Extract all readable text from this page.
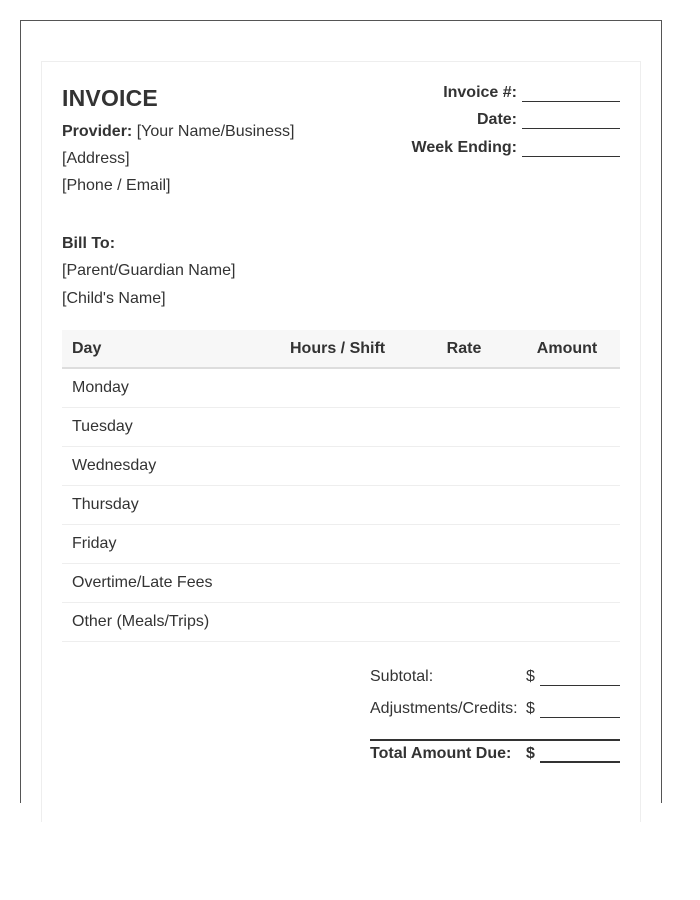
INVOICE
Provider: [Your Name/Business]
[Address]
[Phone / Email]
Invoice #:
Date:
Week Ending:
Bill To:
[Parent/Guardian Name]
[Child's Name]
Day	Hours / Shift	Rate	Amount
Monday			
Tuesday			
Wednesday			
Thursday			
Friday			
Overtime/Late Fees			
Other (Meals/Trips)			
Subtotal:	$
Adjustments/Credits: $
Total Amount Due: $
